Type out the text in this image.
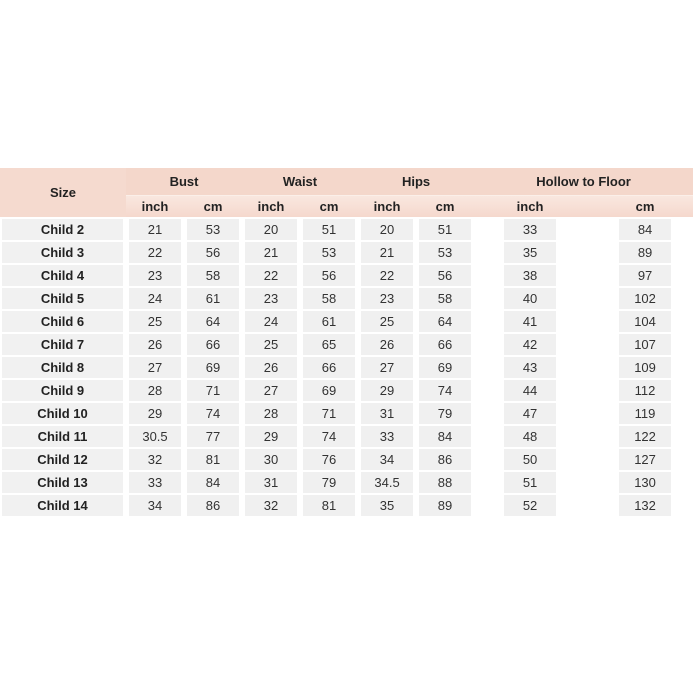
Size	Bust		Waist		Hips		Hollow to Floor	
	inch	cm	inch	cm	inch	cm	inch	cm
Child 2	21	53	20	51	20	51	33	84
Child 3	22	56	21	53	21	53	35	89
Child 4	23	58	22	56	22	56	38	97
Child 5	24	61	23	58	23	58	40	102
Child 6	25	64	24	61	25	64	41	104
Child 7	26	66	25	65	26	66	42	107
Child 8	27	69	26	66	27	69	43	109
Child 9	28	71	27	69	29	74	44	112
Child 10	29	74	28	71	31	79	47	119
Child 11	30.5	77	29	74	33	84	48	122
Child 12	32	81	30	76	34	86	50	127
Child 13	33	84	31	79	34.5	88	51	130
Child 14	34	86	32	81	35	89	52	132
